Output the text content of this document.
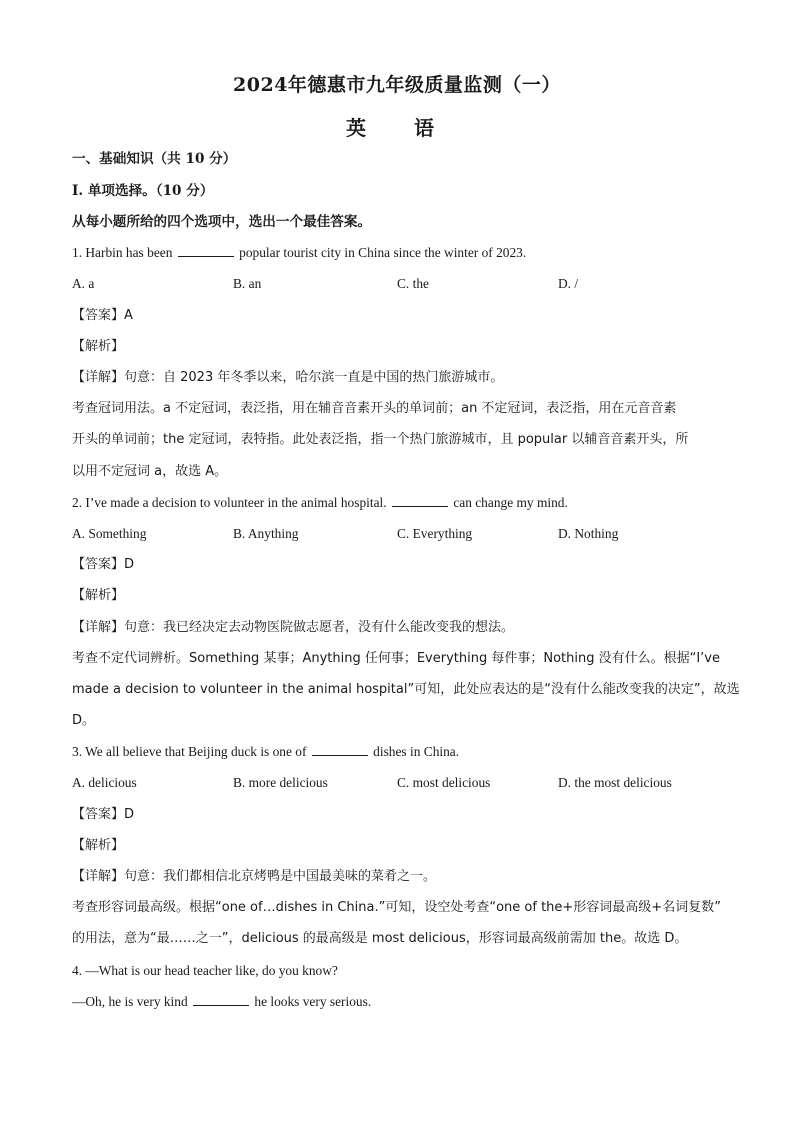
2024年德惠市九年级质量监测（一）
英　语
一、基础知识（共 10 分）
I. 单项选择。（10 分）
从每小题所给的四个选项中，选出一个最佳答案。
1. Harbin has been	popular tourist city in China since the winter of 2023.
A. a	B. an	C. the	D. /
【答案】A
【解析】
【详解】句意：自 2023 年冬季以来，哈尔滨一直是中国的热门旅游城市。
考查冠词用法。a 不定冠词，表泛指，用在辅音音素开头的单词前；an 不定冠词，表泛指，用在元音音素
开头的单词前；the 定冠词，表特指。此处表泛指，指一个热门旅游城市，且 popular 以辅音音素开头，所
以用不定冠词 a，故选 A。
2. I’ve made a decision to volunteer in the animal hospital.	can change my mind.
A. Something	B. Anything	C. Everything	D. Nothing
【答案】D
【解析】
【详解】句意：我已经决定去动物医院做志愿者，没有什么能改变我的想法。
考查不定代词辨析。Something 某事；Anything 任何事；Everything 每件事；Nothing 没有什么。根据“I’ve
made a decision to volunteer in the animal hospital”可知，此处应表达的是“没有什么能改变我的决定”，故选
D。
3. We all believe that Beijing duck is one of	dishes in China.
A. delicious	B. more delicious	C. most delicious	D. the most delicious
【答案】D
【解析】
【详解】句意：我们都相信北京烤鸭是中国最美味的菜肴之一。
考查形容词最高级。根据“one of…dishes in China.”可知，设空处考查“one of the+形容词最高级+名词复数”
的用法，意为“最……之一”，delicious 的最高级是 most delicious，形容词最高级前需加 the。故选 D。
4. —What is our head teacher like, do you know?
—Oh, he is very kind	he looks very serious.
